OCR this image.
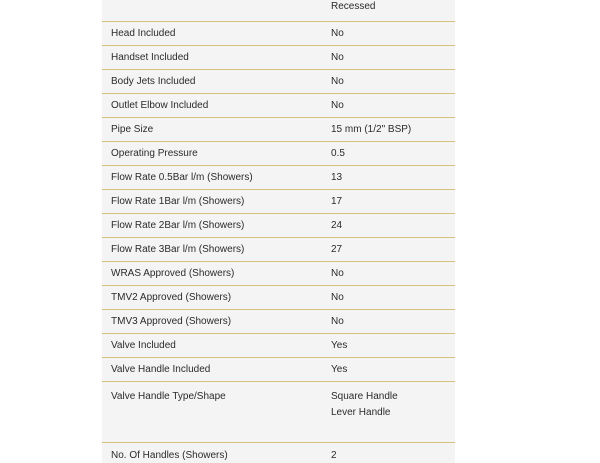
	Recessed
Head Included	No
Handset Included	No
Body Jets Included	No
Outlet Elbow Included	No
Pipe Size	15 mm (1/2" BSP)
Operating Pressure	0.5
Flow Rate 0.5Bar l/m (Showers)	13
Flow Rate 1Bar l/m (Showers)	17
Flow Rate 2Bar l/m (Showers)	24
Flow Rate 3Bar l/m (Showers)	27
WRAS Approved (Showers)	No
TMV2 Approved (Showers)	No
TMV3 Approved (Showers)	No
Valve Included	Yes
Valve Handle Included	Yes
Valve Handle Type/Shape	Square Handle
Lever Handle

No. Of Handles (Showers)	2
